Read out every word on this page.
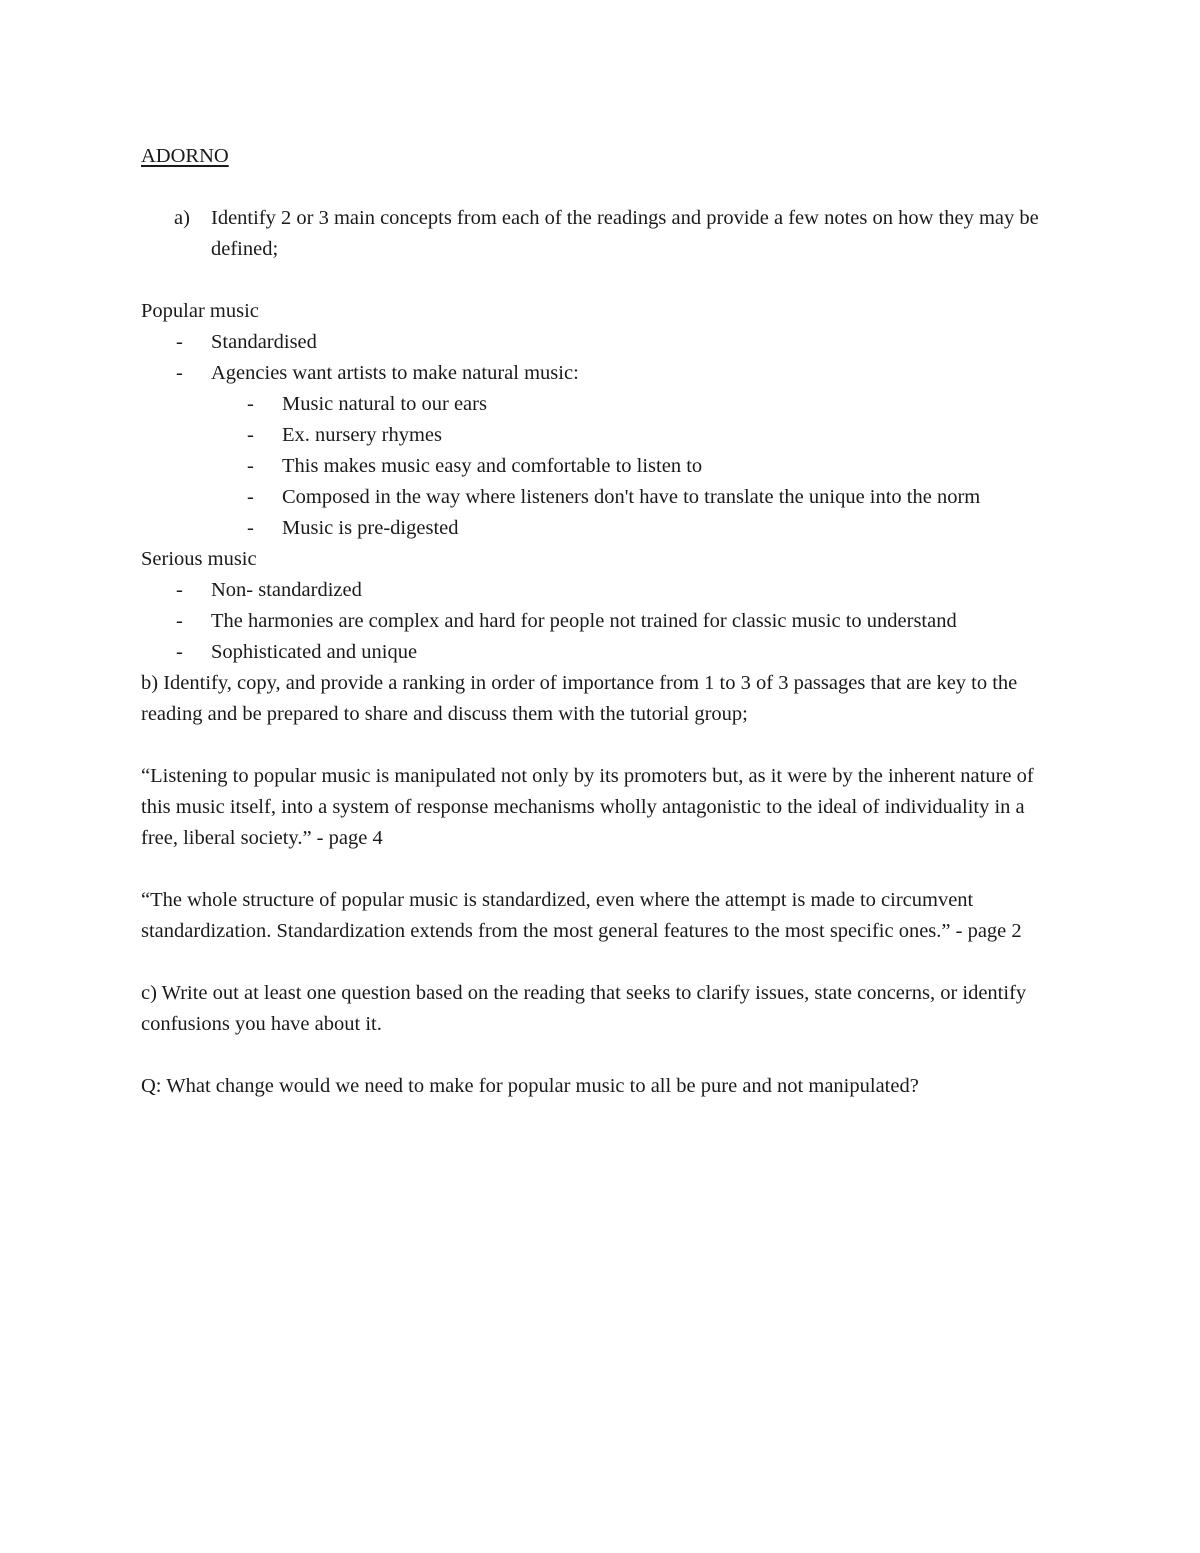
ADORNO
a) Identify 2 or 3 main concepts from each of the readings and provide a few notes on how they may be defined;
Popular music
- Standardised
- Agencies want artists to make natural music:
- Music natural to our ears
- Ex. nursery rhymes
- This makes music easy and comfortable to listen to
- Composed in the way where listeners don't have to translate the unique into the norm
- Music is pre-digested
Serious music
- Non- standardized
- The harmonies are complex and hard for people not trained for classic music to understand
- Sophisticated and unique

b) Identify, copy, and provide a ranking in order of importance from 1 to 3 of 3 passages that are key to the reading and be prepared to share and discuss them with the tutorial group;

“Listening to popular music is manipulated not only by its promoters but, as it were by the inherent nature of this music itself, into a system of response mechanisms wholly antagonistic to the ideal of individuality in a free, liberal society.” - page 4

“The whole structure of popular music is standardized, even where the attempt is made to circumvent standardization. Standardization extends from the most general features to the most specific ones.” - page 2

c) Write out at least one question based on the reading that seeks to clarify issues, state concerns, or identify confusions you have about it.

Q: What change would we need to make for popular music to all be pure and not manipulated?
